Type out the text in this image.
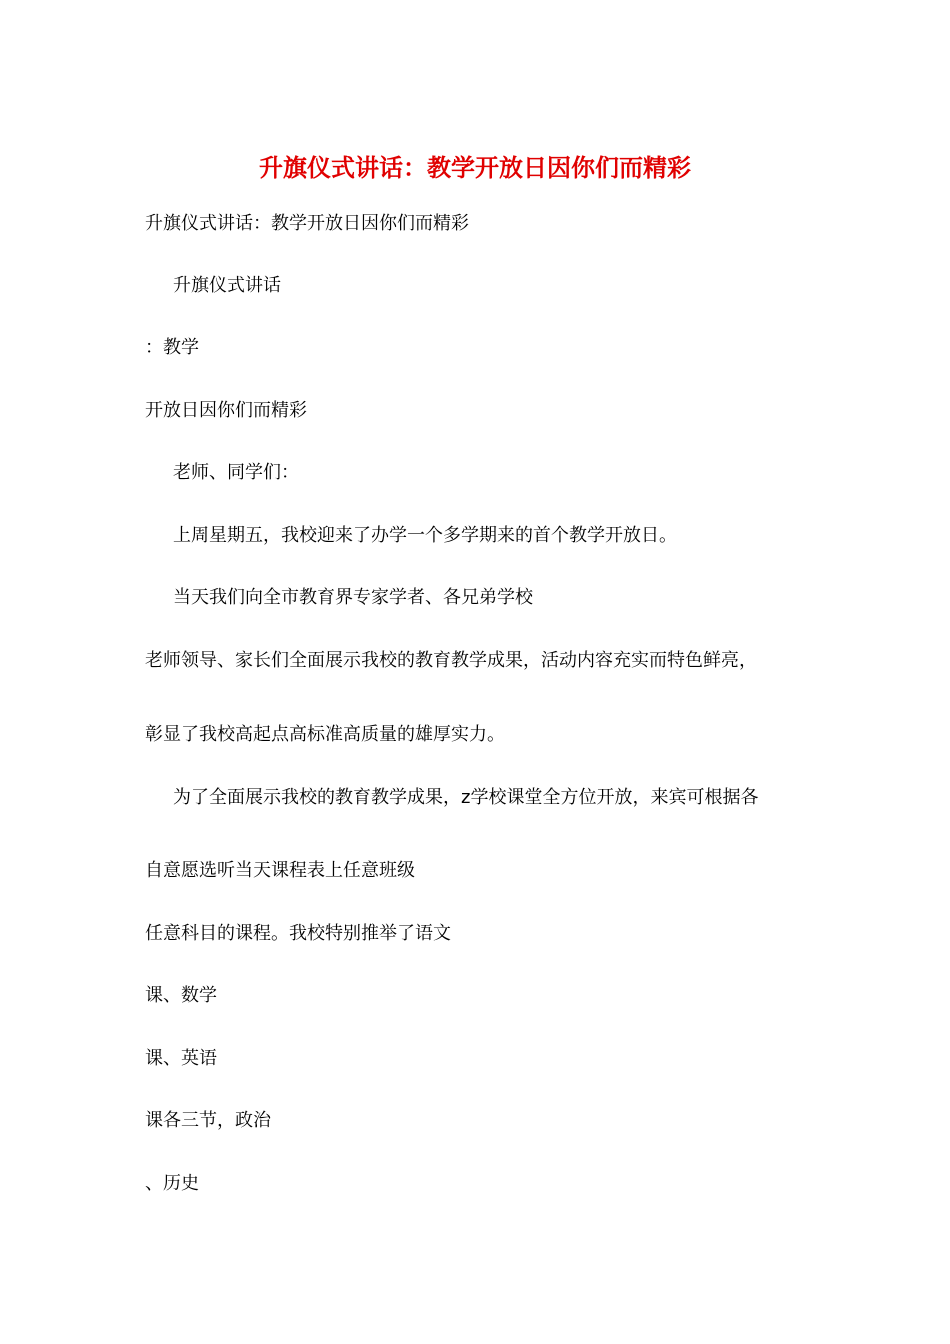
升旗仪式讲话：教学开放日因你们而精彩

升旗仪式讲话：教学开放日因你们而精彩

升旗仪式讲话

：教学

开放日因你们而精彩

老师、同学们：

上周星期五，我校迎来了办学一个多学期来的首个教学开放日。

当天我们向全市教育界专家学者、各兄弟学校

老师领导、家长们全面展示我校的教育教学成果，活动内容充实而特色鲜亮，

彰显了我校高起点高标准高质量的雄厚实力。

为了全面展示我校的教育教学成果，z学校课堂全方位开放，来宾可根据各

自意愿选听当天课程表上任意班级

任意科目的课程。我校特别推举了语文

课、数学

课、英语

课各三节，政治

、历史
